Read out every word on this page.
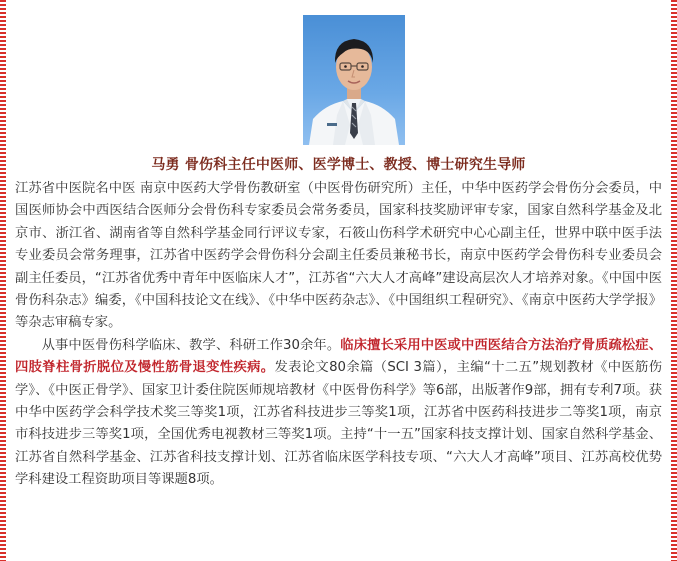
马勇 骨伤科主任中医师、医学博士、教授、博士研究生导师

江苏省中医院名中医 南京中医药大学骨伤教研室（中医骨伤研究所）主任，中华中医药学会骨伤分会委员，中国医师协会中西医结合医师分会骨伤科专家委员会常务委员，国家科技奖励评审专家，国家自然科学基金及北京市、浙江省、湖南省等自然科学基金同行评议专家，石筱山伤科学术研究中心心副主任，世界中联中医手法专业委员会常务理事，江苏省中医药学会骨伤科分会副主任委员兼秘书长，南京中医药学会骨伤科专业委员会副主任委员，“江苏省优秀中青年中医临床人才”，江苏省“六大人才高峰”建设高层次人才培养对象。《中国中医骨伤科杂志》编委，《中国科技论文在线》、《中华中医药杂志》、《中国组织工程研究》、《南京中医药大学学报》等杂志审稿专家。

从事中医骨伤科学临床、教学、科研工作30余年。临床擅长采用中医或中西医结合方法治疗骨质疏松症、四肢脊柱骨折脱位及慢性筋骨退变性疾病。发表论文80余篇（SCI 3篇），主编“十二五”规划教材《中医筋伤学》、《中医正骨学》、国家卫计委住院医师规培教材《中医骨伤科学》等6部，出版著作9部，拥有专利7项。获中华中医药学会科学技术奖三等奖1项，江苏省科技进步三等奖1项，江苏省中医药科技进步二等奖1项，南京市科技进步三等奖1项，全国优秀电视教材三等奖1项。主持“十一五”国家科技支撑计划、国家自然科学基金、江苏省自然科学基金、江苏省科技支撑计划、江苏省临床医学科技专项、“六大人才高峰”项目、江苏高校优势学科建设工程资助项目等课题8项。
